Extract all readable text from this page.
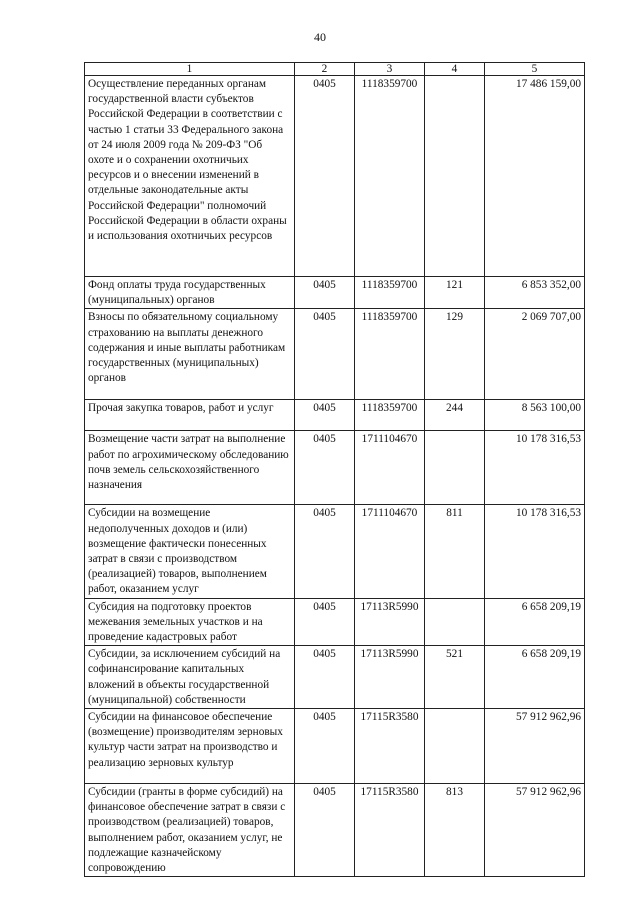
40
1	2	3	4	5
Осуществление переданных органам государственной власти субъектов Российской Федерации в соответствии с частью 1 статьи 33 Федерального закона от 24 июля 2009 года № 209-ФЗ "Об охоте и о сохранении охотничьих ресурсов и о внесении изменений в отдельные законодательные акты Российской Федерации" полномочий Российской Федерации в области охраны и использования охотничьих ресурсов	0405	1118359700		17 486 159,00
Фонд оплаты труда государственных (муниципальных) органов	0405	1118359700	121	6 853 352,00
Взносы по обязательному социальному страхованию на выплаты денежного содержания и иные выплаты работникам государственных (муниципальных) органов	0405	1118359700	129	2 069 707,00
Прочая закупка товаров, работ и услуг	0405	1118359700	244	8 563 100,00
Возмещение части затрат на выполнение работ по агрохимическому обследованию почв земель сельскохозяйственного назначения	0405	1711104670		10 178 316,53
Субсидии на возмещение недополученных доходов и (или) возмещение фактически понесенных затрат в связи с производством (реализацией) товаров, выполнением работ, оказанием услуг	0405	1711104670	811	10 178 316,53
Субсидия на подготовку проектов межевания земельных участков и на проведение кадастровых работ	0405	17113R5990		6 658 209,19
Субсидии, за исключением субсидий на софинансирование капитальных вложений в объекты государственной (муниципальной) собственности	0405	17113R5990	521	6 658 209,19
Субсидии на финансовое обеспечение (возмещение) производителям зерновых культур части затрат на производство и реализацию зерновых культур	0405	17115R3580		57 912 962,96
Субсидии (гранты в форме субсидий) на финансовое обеспечение затрат в связи с производством (реализацией) товаров, выполнением работ, оказанием услуг, не подлежащие казначейскому сопровождению	0405	17115R3580	813	57 912 962,96
